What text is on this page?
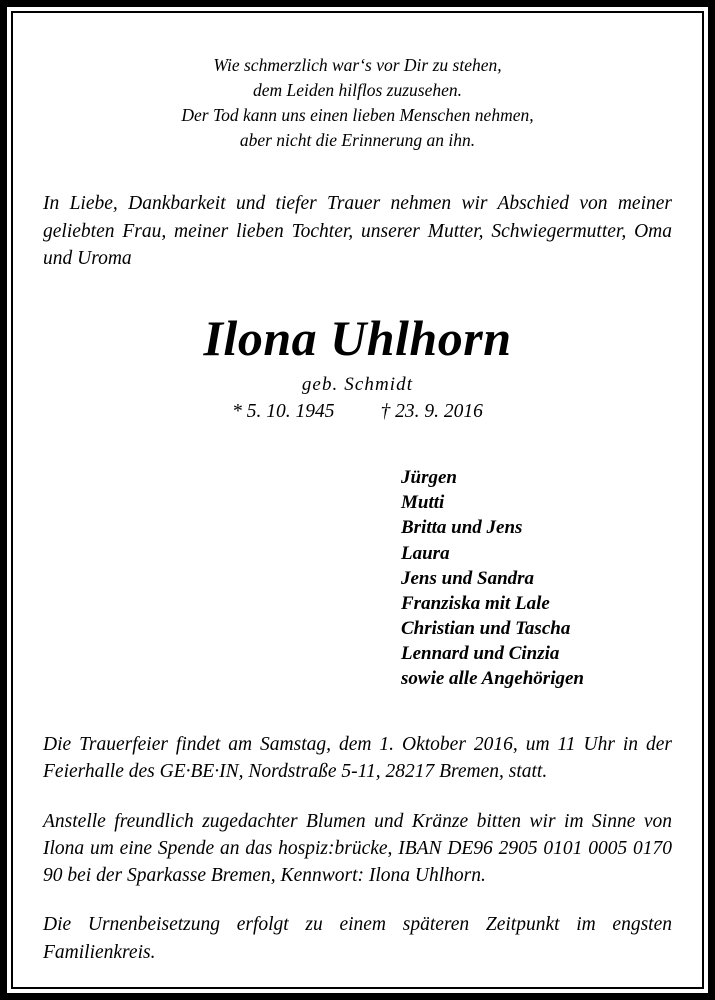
Wie schmerzlich war‘s vor Dir zu stehen,
dem Leiden hilflos zuzusehen.
Der Tod kann uns einen lieben Menschen nehmen,
aber nicht die Erinnerung an ihn.

In Liebe, Dankbarkeit und tiefer Trauer nehmen wir Abschied von meiner geliebten Frau, meiner lieben Tochter, unserer Mutter, Schwiegermutter, Oma und Uroma

Ilona Uhlhorn
geb. Schmidt
* 5. 10. 1945 † 23. 9. 2016
Jürgen
Mutti
Britta und Jens
Laura
Jens und Sandra
Franziska mit Lale
Christian und Tascha
Lennard und Cinzia
sowie alle Angehörigen

Die Trauerfeier findet am Samstag, dem 1. Oktober 2016, um 11 Uhr in der Feierhalle des GE·BE·IN, Nordstraße 5-11, 28217 Bremen, statt.

Anstelle freundlich zugedachter Blumen und Kränze bitten wir im Sinne von Ilona um eine Spende an das hospiz:brücke, IBAN DE96 2905 0101 0005 0170 90 bei der Sparkasse Bremen, Kennwort: Ilona Uhlhorn.

Die Urnenbeisetzung erfolgt zu einem späteren Zeitpunkt im engsten Familienkreis.
